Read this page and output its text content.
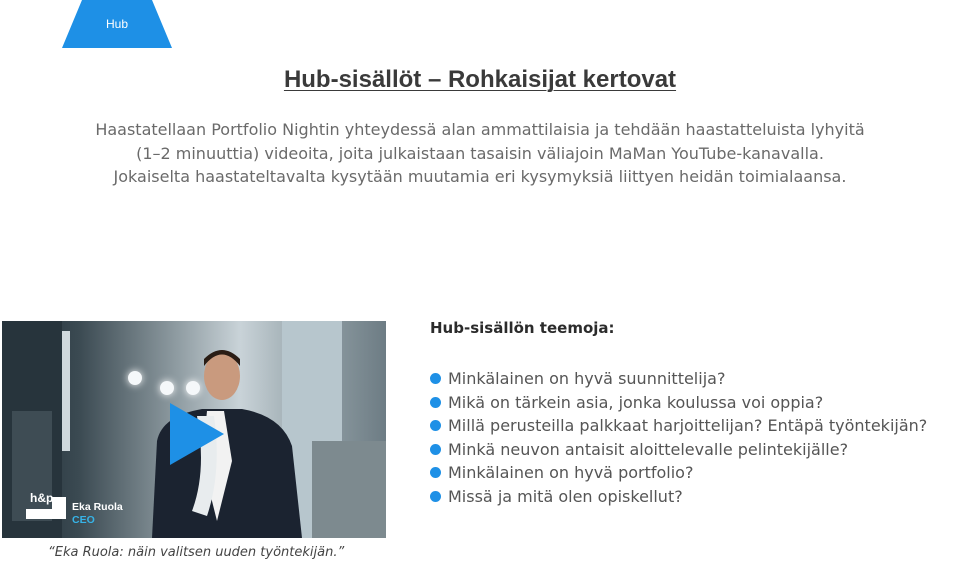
Hub
Hub-sisällöt – Rohkaisijat kertovat

Haastatellaan Portfolio Nightin yhteydessä alan ammattilaisia ja tehdään haastatteluista lyhyitä

(1–2 minuuttia) videoita, joita julkaistaan tasaisin väliajoin MaMan YouTube-kanavalla.

Jokaiselta haastateltavalta kysytään muutamia eri kysymyksiä liittyen heidän toimialaansa.

h&p
Eka Ruola
CEO
“Eka Ruola: näin valitsen uuden työntekijän.”
Hub-sisällön teemoja:
Minkälainen on hyvä suunnittelija?
Mikä on tärkein asia, jonka koulussa voi oppia?
Millä perusteilla palkkaat harjoittelijan? Entäpä työntekijän?
Minkä neuvon antaisit aloittelevalle pelintekijälle?
Minkälainen on hyvä portfolio?
Missä ja mitä olen opiskellut?
